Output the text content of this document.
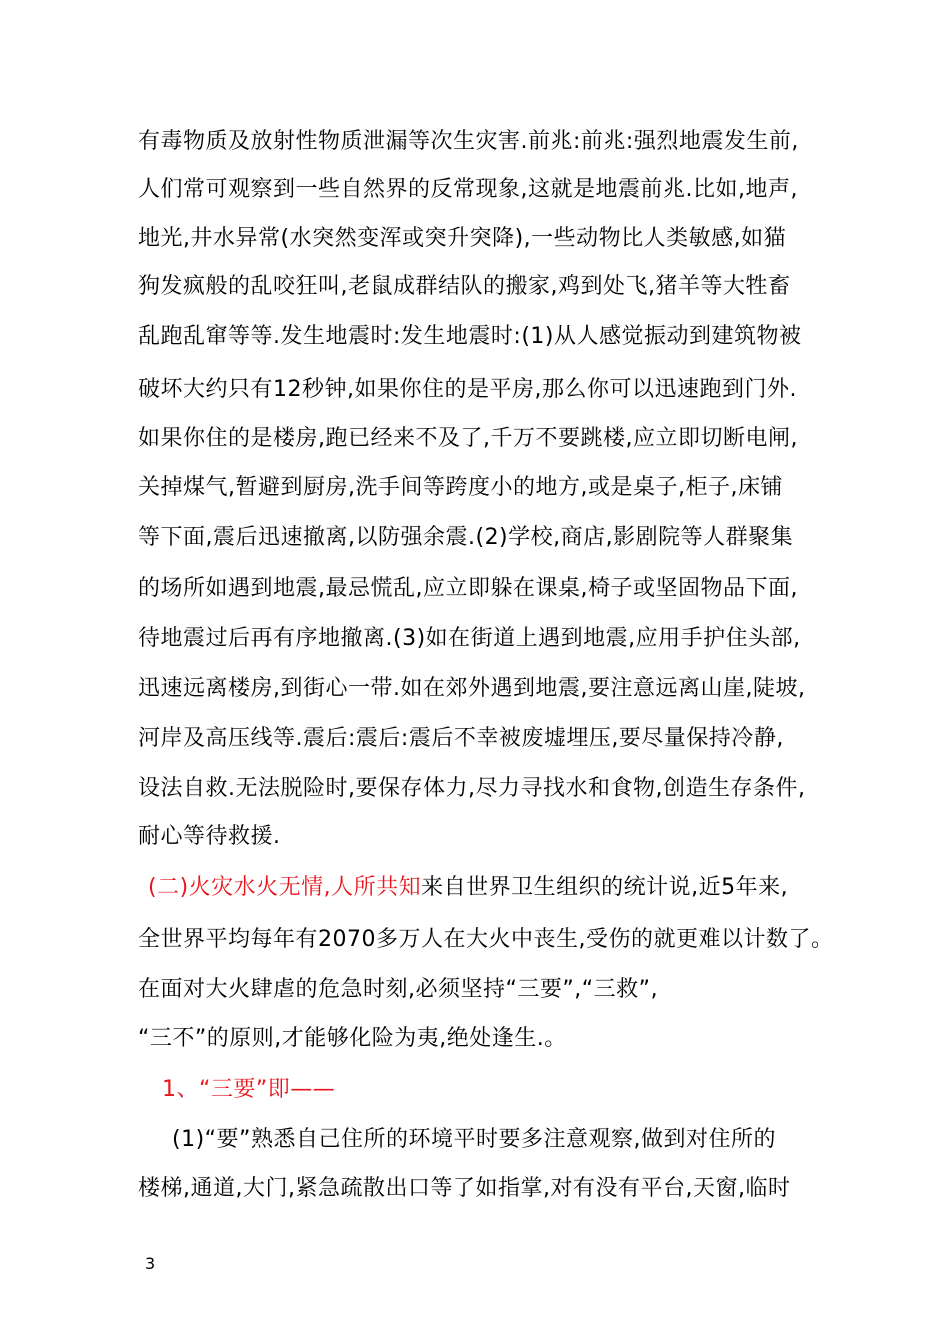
有毒物质及放射性物质泄漏等次生灾害.前兆:前兆:强烈地震发生前,
人们常可观察到一些自然界的反常现象,这就是地震前兆.比如,地声,
地光,井水异常(水突然变浑或突升突降),一些动物比人类敏感,如猫
狗发疯般的乱咬狂叫,老鼠成群结队的搬家,鸡到处飞,猪羊等大牲畜
乱跑乱窜等等.发生地震时:发生地震时:(1)从人感觉振动到建筑物被
破坏大约只有12秒钟,如果你住的是平房,那么你可以迅速跑到门外.
如果你住的是楼房,跑已经来不及了,千万不要跳楼,应立即切断电闸,
关掉煤气,暂避到厨房,洗手间等跨度小的地方,或是桌子,柜子,床铺
等下面,震后迅速撤离,以防强余震.(2)学校,商店,影剧院等人群聚集
的场所如遇到地震,最忌慌乱,应立即躲在课桌,椅子或坚固物品下面,
待地震过后再有序地撤离.(3)如在街道上遇到地震,应用手护住头部,
迅速远离楼房,到街心一带.如在郊外遇到地震,要注意远离山崖,陡坡,
河岸及高压线等.震后:震后:震后不幸被废墟埋压,要尽量保持冷静,
设法自救.无法脱险时,要保存体力,尽力寻找水和食物,创造生存条件,
耐心等待救援.
(二)火灾水火无情,人所共知来自世界卫生组织的统计说,近5年来,
全世界平均每年有2070多万人在大火中丧生,受伤的就更难以计数了。
在面对大火肆虐的危急时刻,必须坚持“三要”,“三救”,
“三不”的原则,才能够化险为夷,绝处逢生.。
1、“三要”即——
(1)“要”熟悉自己住所的环境平时要多注意观察,做到对住所的
楼梯,通道,大门,紧急疏散出口等了如指掌,对有没有平台,天窗,临时
3
